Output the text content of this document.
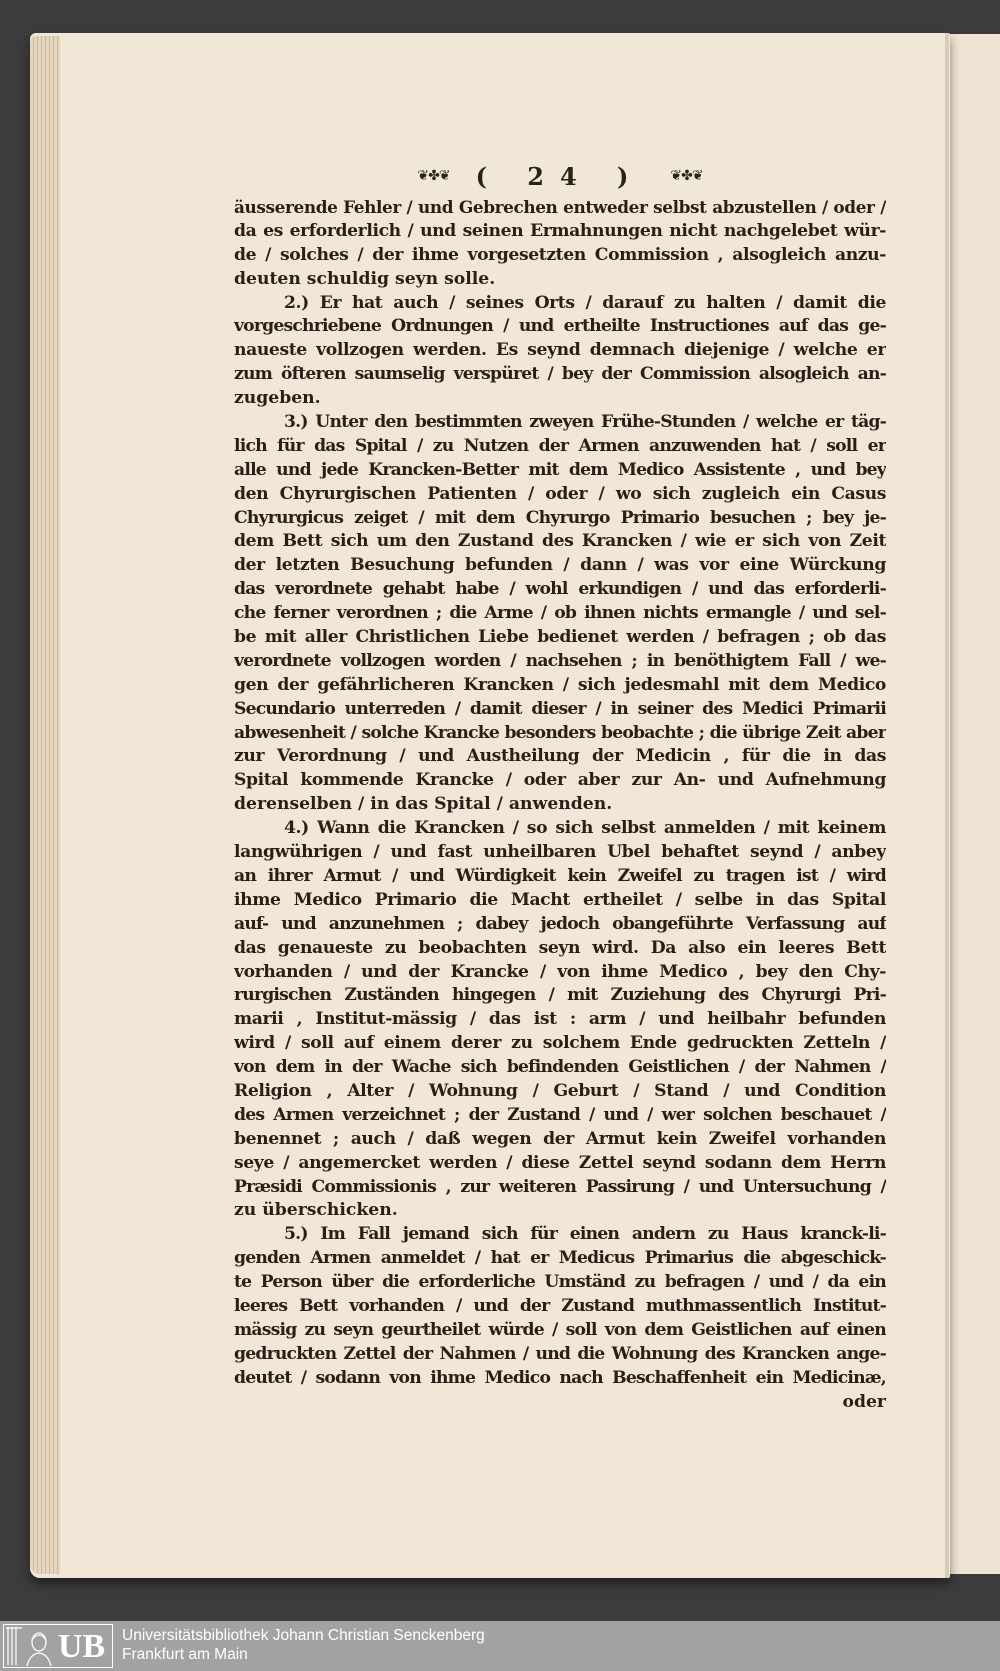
❦✤❦ ( 24 ) ❦✤❦
äusserende Fehler / und Gebrechen entweder selbst abzustellen / oder /
da es erforderlich / und seinen Ermahnungen nicht nachgelebet wür-
de / solches / der ihme vorgesetzten Commission , alsogleich anzu-
deuten schuldig seyn solle.
2.) Er hat auch / seines Orts / darauf zu halten / damit die
vorgeschriebene Ordnungen / und ertheilte Instructiones auf das ge-
naueste vollzogen werden. Es seynd demnach diejenige / welche er
zum öfteren saumselig verspüret / bey der Commission alsogleich an-
zugeben.
3.) Unter den bestimmten zweyen Frühe-Stunden / welche er täg-
lich für das Spital / zu Nutzen der Armen anzuwenden hat / soll er
alle und jede Krancken-Better mit dem Medico Assistente , und bey
den Chyrurgischen Patienten / oder / wo sich zugleich ein Casus
Chyrurgicus zeiget / mit dem Chyrurgo Primario besuchen ; bey je-
dem Bett sich um den Zustand des Krancken / wie er sich von Zeit
der letzten Besuchung befunden / dann / was vor eine Würckung
das verordnete gehabt habe / wohl erkundigen / und das erforderli-
che ferner verordnen ; die Arme / ob ihnen nichts ermangle / und sel-
be mit aller Christlichen Liebe bedienet werden / befragen ; ob das
verordnete vollzogen worden / nachsehen ; in benöthigtem Fall / we-
gen der gefährlicheren Krancken / sich jedesmahl mit dem Medico
Secundario unterreden / damit dieser / in seiner des Medici Primarii
abwesenheit / solche Krancke besonders beobachte ; die übrige Zeit aber
zur Verordnung / und Austheilung der Medicin , für die in das
Spital kommende Krancke / oder aber zur An- und Aufnehmung
derenselben / in das Spital / anwenden.
4.) Wann die Krancken / so sich selbst anmelden / mit keinem
langwührigen / und fast unheilbaren Ubel behaftet seynd / anbey
an ihrer Armut / und Würdigkeit kein Zweifel zu tragen ist / wird
ihme Medico Primario die Macht ertheilet / selbe in das Spital
auf- und anzunehmen ; dabey jedoch obangeführte Verfassung auf
das genaueste zu beobachten seyn wird. Da also ein leeres Bett
vorhanden / und der Krancke / von ihme Medico , bey den Chy-
rurgischen Zuständen hingegen / mit Zuziehung des Chyrurgi Pri-
marii , Institut-mässig / das ist : arm / und heilbahr befunden
wird / soll auf einem derer zu solchem Ende gedruckten Zetteln /
von dem in der Wache sich befindenden Geistlichen / der Nahmen /
Religion , Alter / Wohnung / Geburt / Stand / und Condition
des Armen verzeichnet ; der Zustand / und / wer solchen beschauet /
benennet ; auch / daß wegen der Armut kein Zweifel vorhanden
seye / angemercket werden / diese Zettel seynd sodann dem Herrn
Præsidi Commissionis , zur weiteren Passirung / und Untersuchung /
zu überschicken.
5.) Im Fall jemand sich für einen andern zu Haus kranck-li-
genden Armen anmeldet / hat er Medicus Primarius die abgeschick-
te Person über die erforderliche Umständ zu befragen / und / da ein
leeres Bett vorhanden / und der Zustand muthmassentlich Institut-
mässig zu seyn geurtheilet würde / soll von dem Geistlichen auf einen
gedruckten Zettel der Nahmen / und die Wohnung des Krancken ange-
deutet / sodann von ihme Medico nach Beschaffenheit ein Medicinæ,
oder
UB Universitätsbibliothek Johann Christian Senckenberg
Frankfurt am Main
